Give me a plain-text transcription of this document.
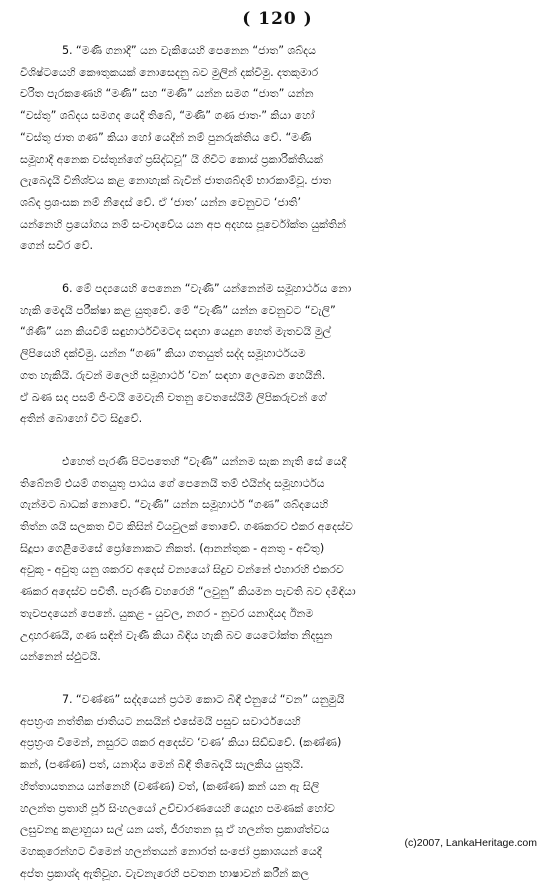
( 120 )
5. “මණි ගනාදී” යන වැකියෙහි පෙනෙන “ජාත” ශබ්දය
විශිෂ්ටයෙහි කෞතුකයක් නොසෙදනු බව මුලින් දක්වීමු. දතකුමාර
චරිත පැරකණෙහි “මණි” සහ “මණි” යන්න සමග “ජාත” යන්න
“වස්තු” ශබ්දය සමගද යෙදී තිබේ, “මණි” ගණ ජාතං” කියා හෝ
“වස්තු ජාත ගණ” කියා හෝ යෙදීන් නම් පුනරුක්තිය වේ. “මණි
සමූහාදී අනෙක වස්තූන්ගේ ප්‍රසිද්ධවූ” යි ගිවිට කොස් ප්‍රකාරික්තියක්
ලැබෙදැයි විනිශ්චය කළ නොහැක් බැවින් ජාතශබ්දම් භාරකාම්වූ. ජාත
ශබ්ද ප්‍රශංසක නම් නිදෙස් වේ. ඒ ‘ජාත’ යන්න වෙනුවට ‘ජාති’
යන්නෙහි ප්‍රයෝගය නම් සංවාදවේය යන අප අදහස පූර්වෝක්ත යුක්තින්
ගෙන් සවිර වේ.
6. මේ පද්‍යයෙහි පෙනෙන “වැණි” යන්නෙන්ම සමූහාර්ථය නො
හැකි මෙදැයි පරීක්ෂා කළ යුතුවේ. මේ “වැණි” යන්න වෙනුවට “වැලි”
“ශිණි” යන කියවීම් සඳුහාර්ථවීමටද සඳහා යෙදුන හෙත් මැතවයි මුල්
ලිපියෙහි දක්වීමු. යන්න “ගණ” කියා ගතයුත් සද්ද සමූහාර්ථයම
ගත හැකියි. රුවන් මලෙහි සමූහාර්ථ ‘වන’ සඳහා ලෙඛෙන හෙයිනි.
ඒ ඛණ සද පසම් ජිංවයි මෙවැනි චතනු වෙතසේයිමි ලිපිකරුවන් ගේ
අතින් බොහෝ විට සිදුවේ.
එහෙත් පැරණි පිටපතෙහි “වැණි” යන්නම සැක නැති සේ යෙදී
තිබේනම් එයම් ගතයුතු පාඨය ගේ පෙනෙයි තම් එයින්ද සමූහාර්ථය
ගැන්මට බාධක් නොවේ. “වැණි” යන්න සමූහාර්ථ “ගණ” ශබ්දයෙහි
තිත්න ශයි සලකත විට කිසින් වියවුලක් තොවේ. ගණකරව එකර අදෙස්ව
සිදූපා ගෙළීමෙසේ ප්‍රෝනොකට නිකත්. (ආනන්තුක - අනතු - අවිතු)
අවුකු - අවුතු යනු ශකරව අදෙස් වන්‍යයෝ සිදුව වන්නේ එහාරහි එකරව
ණකර අදෙස්ව පවිතී. පැරණි වහරෙහි “ලවුනු” කියමන පැවති බව දමිඳියා
තැවපදයෙන් පෙනේ. යුකළ - යුවල, නගර - නුවර යනාදියද ඊනම
උදාහරණයි, ගණ සඳින් වැණී කියා බිඳිය හැකි බව යෙටෝක්ත නිදසුන
යන්නෙන් ස්ඵුටයි.
7. “වණ්ණ” සද්දයෙන් ප්‍රථම කොට බිඳී එනුයේ “වන” යනුමුයි
අපභ්‍රංශ නත්තික ජාතියට නසයින් එසේමයි පසුව සවාර්ථයෙහි
අප්‍රභ්‍රංශ වීමෙන්, නසුරට ශකර අදෙස්ව ‘වණ’ කියා සිඩ්ඩවේ. (කණ්ණ)
කන්, (පණ්ණ) පත්, යනාදිය මෙන් බිඳී තිබෙදැයි සැලකිය යුතුයි.
හිත්තායතනය යන්නෙහි (වණ්ණ) වත්, (කණ්ණ) කන් යන ඇ සිලි
හලන්ත ප්‍රතාහි පූර් සිංහලයෝ උච්චාරණයෙහි යෙදූහ පමණක් හෝව
ලඝුවනදු කළාහුයා සල් යන යත්, ජීරහතන සූ ඒ හලන්ත ප්‍රකාශ්ත්වය
මහකුරෙන්හට වීමෙන් හලන්තයන් නොරත් සංජෝ ප්‍රකාශයන් යෙදී
අප්ත ප්‍රකාශ්ද ඇතිවූහ. වැවනැරෙහි පවතන භාෂාවන් කරීන් කල
(c)2007, LankaHeritage.com
